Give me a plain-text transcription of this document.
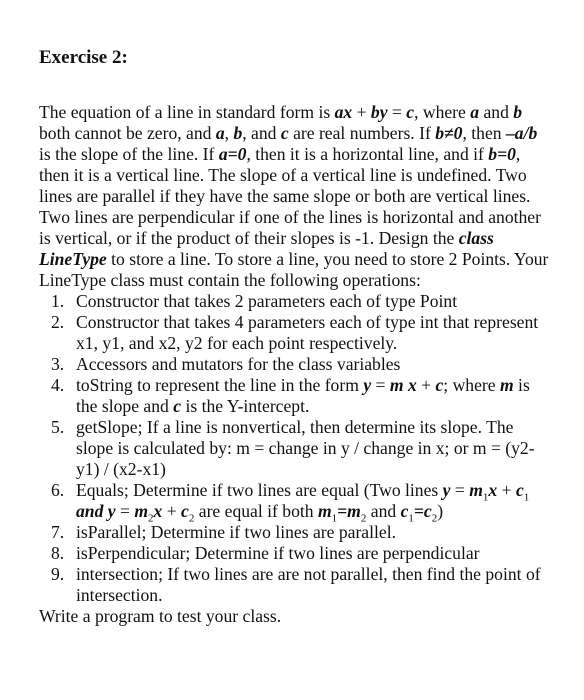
Exercise 2:
The equation of a line in standard form is ax + by = c, where a and b both cannot be zero, and a, b, and c are real numbers. If b≠0, then –a/b is the slope of the line. If a=0, then it is a horizontal line, and if b=0, then it is a vertical line. The slope of a vertical line is undefined. Two lines are parallel if they have the same slope or both are vertical lines. Two lines are perpendicular if one of the lines is horizontal and another is vertical, or if the product of their slopes is -1. Design the class LineType to store a line. To store a line, you need to store 2 Points. Your LineType class must contain the following operations:
1. Constructor that takes 2 parameters each of type Point
2. Constructor that takes 4 parameters each of type int that represent x1, y1, and x2, y2 for each point respectively.
3. Accessors and mutators for the class variables
4. toString to represent the line in the form y = m x + c; where m is the slope and c is the Y-intercept.
5. getSlope; If a line is nonvertical, then determine its slope. The slope is calculated by: m = change in y / change in x; or m = (y2-y1) / (x2-x1)
6. Equals; Determine if two lines are equal (Two lines $y = m_1x + c_1$ and $y = m_2x + c_2$ are equal if both $m_1=m_2$ and $c_1=c_2$)
7. isParallel; Determine if two lines are parallel.
8. isPerpendicular; Determine if two lines are perpendicular
9. intersection; If two lines are are not parallel, then find the point of intersection.
Write a program to test your class.
